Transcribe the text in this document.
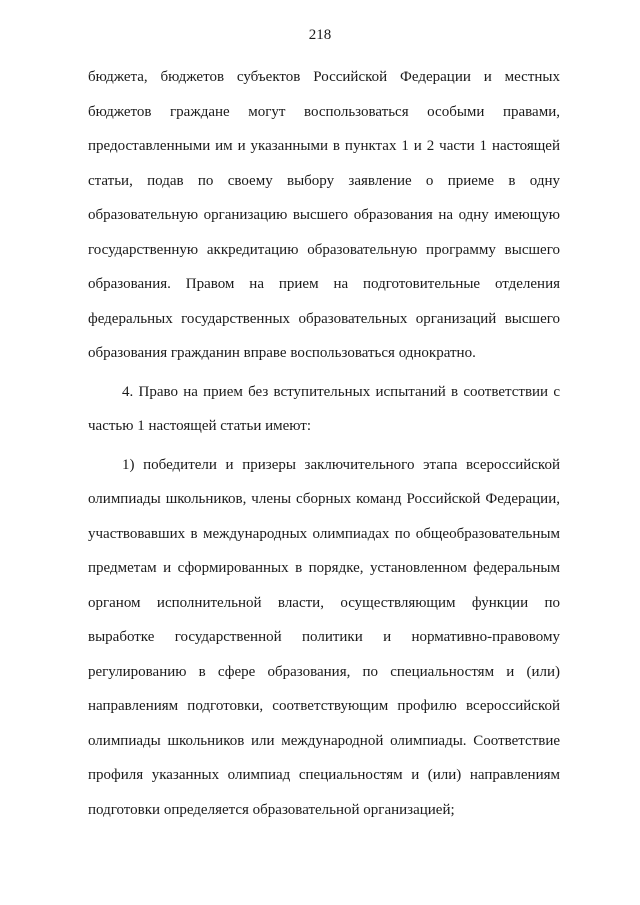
218
бюджета, бюджетов субъектов Российской Федерации и местных
бюджетов граждане могут воспользоваться особыми правами,
предоставленными им и указанными в пунктах 1 и 2 части 1 настоящей
статьи, подав по своему выбору заявление о приеме в одну
образовательную организацию высшего образования на одну имеющую
государственную аккредитацию образовательную программу высшего
образования. Правом на прием на подготовительные отделения
федеральных государственных образовательных организаций высшего
образования гражданин вправе воспользоваться однократно.
4. Право на прием без вступительных испытаний в соответствии с
частью 1 настоящей статьи имеют:
1) победители и призеры заключительного этапа всероссийской
олимпиады школьников, члены сборных команд Российской Федерации,
участвовавших в международных олимпиадах по общеобразовательным
предметам и сформированных в порядке, установленном федеральным
органом исполнительной власти, осуществляющим функции по
выработке государственной политики и нормативно-правовому
регулированию в сфере образования, по специальностям и (или)
направлениям подготовки, соответствующим профилю всероссийской
олимпиады школьников или международной олимпиады. Соответствие
профиля указанных олимпиад специальностям и (или) направлениям
подготовки определяется образовательной организацией;
